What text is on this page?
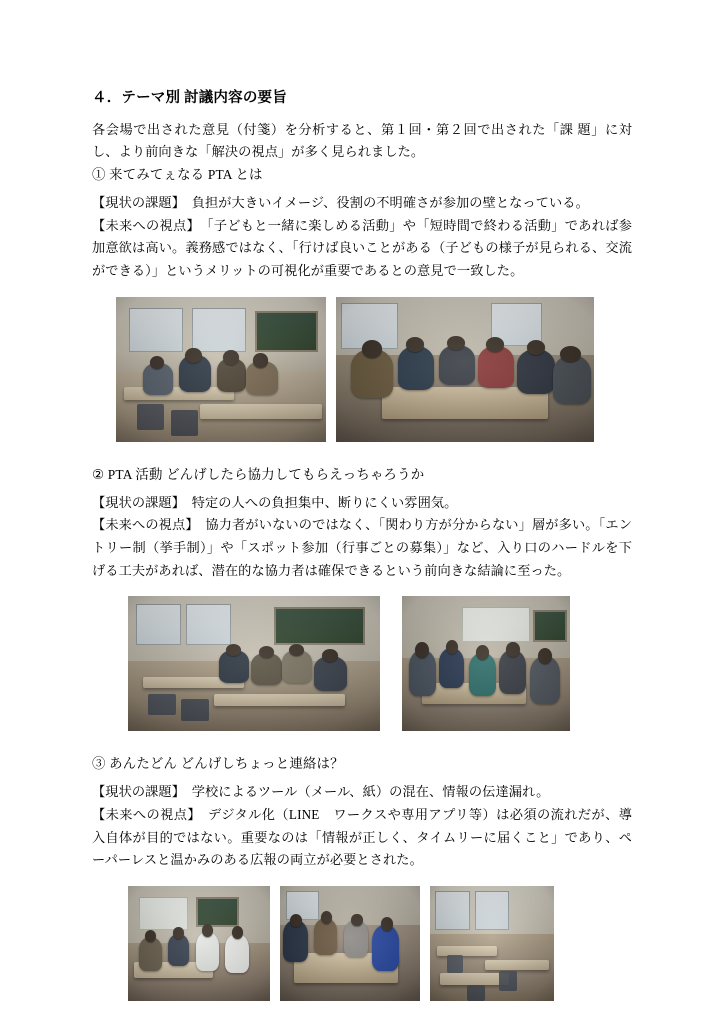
４．テーマ別 討議内容の要旨

各会場で出された意見（付箋）を分析すると、第１回・第２回で出された「課 題」に対し、より前向きな「解決の視点」が多く見られました。

① 来てみてぇなる PTA とは

【現状の課題】　負担が大きいイメージ、役割の不明確さが参加の壁となっている。

【未来への視点】　「子どもと一緒に楽しめる活動」や「短時間で終わる活動」であれば参加意欲は高い。義務感ではなく、「行けば良いことがある（子どもの様子が見られる、交流ができる）」というメリットの可視化が重要であるとの意見で一致した。

② PTA 活動 どんげしたら協力してもらえっちゃろうか

【現状の課題】　特定の人への負担集中、断りにくい雰囲気。

【未来への視点】　協力者がいないのではなく、「関わり方が分からない」層が多い。「エントリー制（挙手制）」や「スポット参加（行事ごとの募集）」など、入り口のハードルを下げる工夫があれば、潜在的な協力者は確保できるという前向きな結論に至った。

③ あんたどん どんげしちょっと連絡は？

【現状の課題】　学校によるツール（メール、紙）の混在、情報の伝達漏れ。

【未来への視点】　デジタル化（LINE　ワークスや専用アプリ等）は必須の流れだが、導入自体が目的ではない。重要なのは「情報が正しく、タイムリーに届くこと」であり、ペーパーレスと温かみのある広報の両立が必要とされた。
